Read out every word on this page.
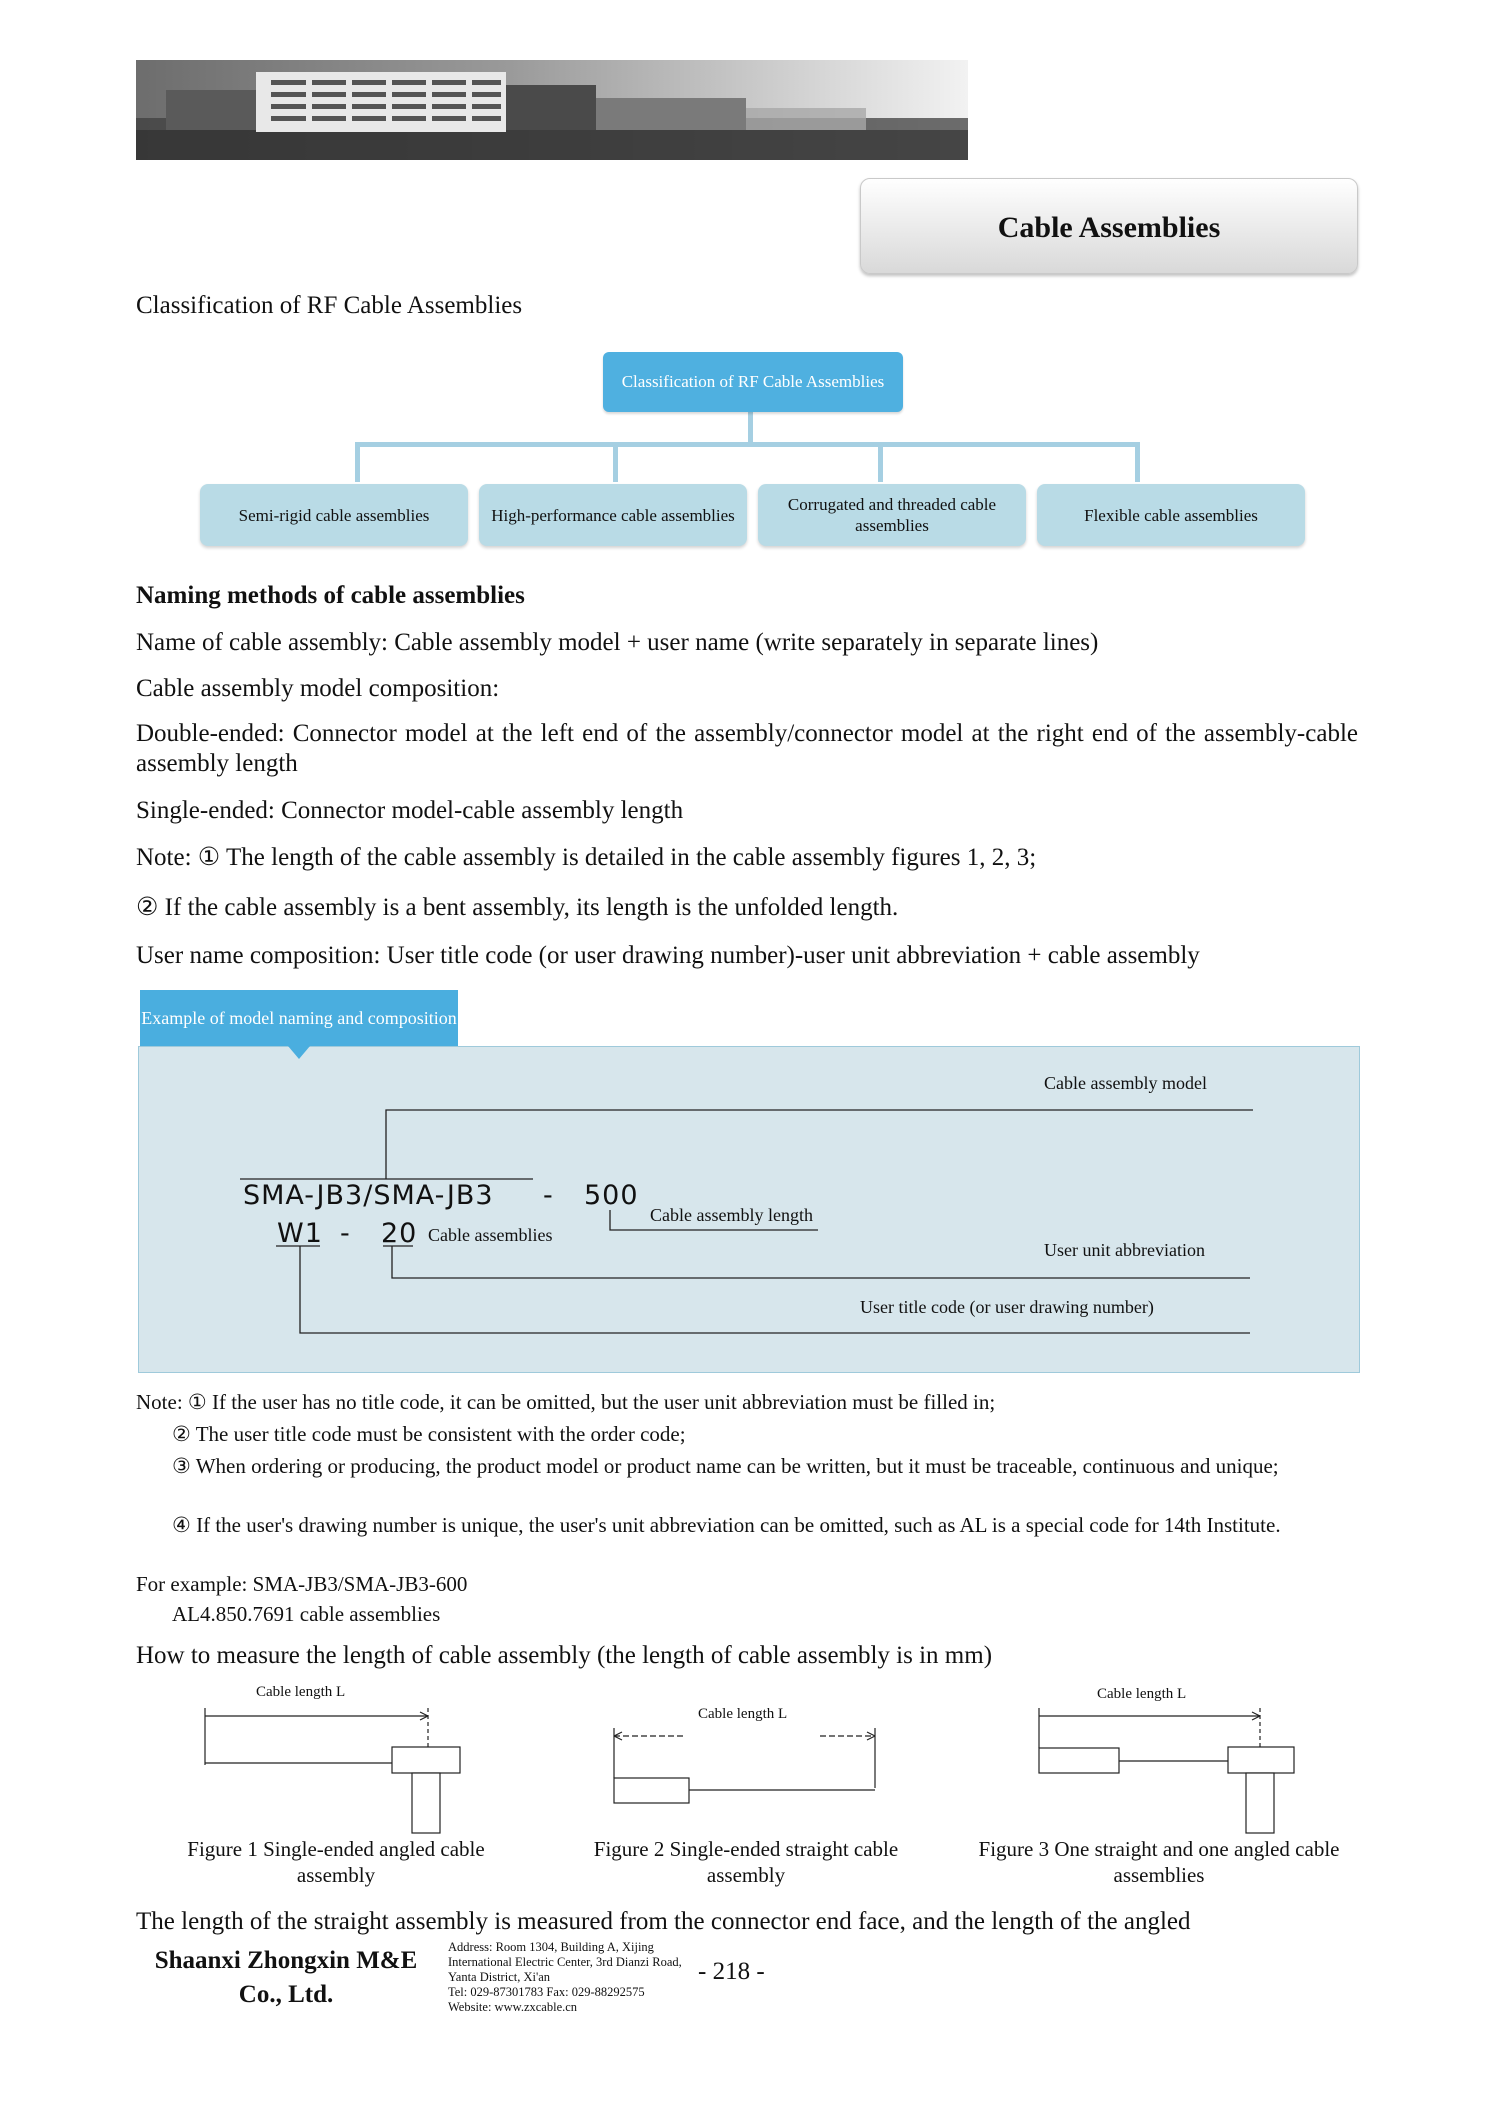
Cable Assemblies
Classification of RF Cable Assemblies
Classification of RF Cable Assemblies
Semi-rigid cable assemblies	High-performance cable assemblies
Corrugated and threaded cable assemblies
Flexible cable assemblies
Naming methods of cable assemblies
Name of cable assembly: Cable assembly model + user name (write separately in separate lines)
Cable assembly model composition:
Double-ended: Connector model at the left end of the assembly/connector model at the right end of the assembly-cable assembly length
Single-ended: Connector model-cable assembly length
Note: ① The length of the cable assembly is detailed in the cable assembly figures 1, 2, 3;
② If the cable assembly is a bent assembly, its length is the unfolded length.
User name composition: User title code (or user drawing number)-user unit abbreviation + cable assembly
Example of model naming and composition
Cable assembly model
SMA-JB3/SMA-JB3 - 500
Cable assembly length
W1 - 20 Cable assemblies
User unit abbreviation
User title code (or user drawing number)
Note: ① If the user has no title code, it can be omitted, but the user unit abbreviation must be filled in;
② The user title code must be consistent with the order code;
③ When ordering or producing, the product model or product name can be written, but it must be traceable, continuous and unique;
④ If the user's drawing number is unique, the user's unit abbreviation can be omitted, such as AL is a special code for 14th Institute.
For example: SMA-JB3/SMA-JB3-600
AL4.850.7691 cable assemblies
How to measure the length of cable assembly (the length of cable assembly is in mm)
Cable length L
Figure 1 Single-ended angled cable assembly
Cable length L
Figure 2 Single-ended straight cable assembly
Cable length L
Figure 3 One straight and one angled cable assemblies
The length of the straight assembly is measured from the connector end face, and the length of the angled
Shaanxi Zhongxin M&E Co., Ltd.
Address: Room 1304, Building A, Xijing International Electric Center, 3rd Dianzi Road, Yanta District, Xi'an
Tel: 029-87301783 Fax: 029-88292575
Website: www.zxcable.cn
- 218 -
